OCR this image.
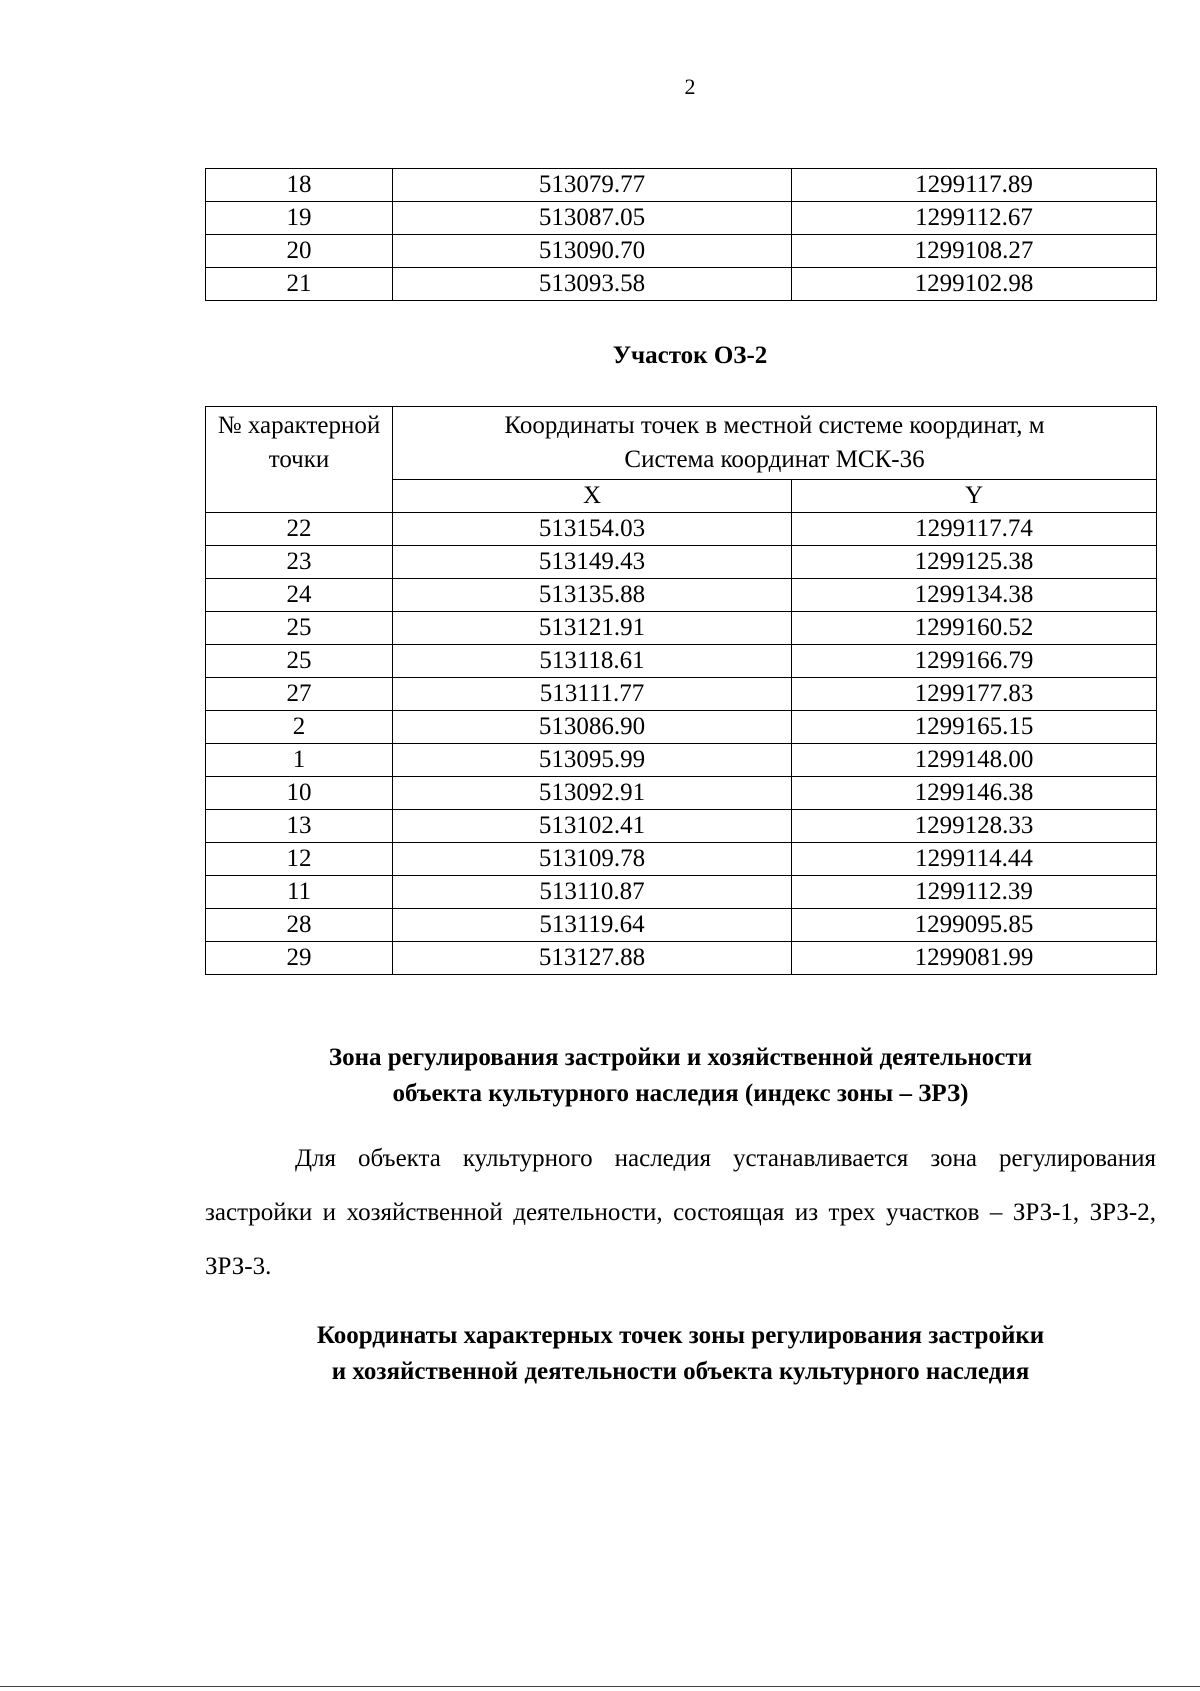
2
18	513079.77	1299117.89
19	513087.05	1299112.67
20	513090.70	1299108.27
21	513093.58	1299102.98
Участок ОЗ-2
№ характерной точки	Координаты точек в местной системе координат, м
Система координат МСК-36	

	X	Y
22	513154.03	1299117.74
23	513149.43	1299125.38
24	513135.88	1299134.38
25	513121.91	1299160.52
25	513118.61	1299166.79
27	513111.77	1299177.83
2	513086.90	1299165.15
1	513095.99	1299148.00
10	513092.91	1299146.38
13	513102.41	1299128.33
12	513109.78	1299114.44
11	513110.87	1299112.39
28	513119.64	1299095.85
29	513127.88	1299081.99
Зона регулирования застройки и хозяйственной деятельности
объекта культурного наследия (индекс зоны – ЗРЗ)
Для объекта культурного наследия устанавливается зона регулирования застройки и хозяйственной деятельности, состоящая из трех участков – ЗРЗ-1, ЗРЗ-2, ЗРЗ-3.
Координаты характерных точек зоны регулирования застройки
и хозяйственной деятельности объекта культурного наследия
